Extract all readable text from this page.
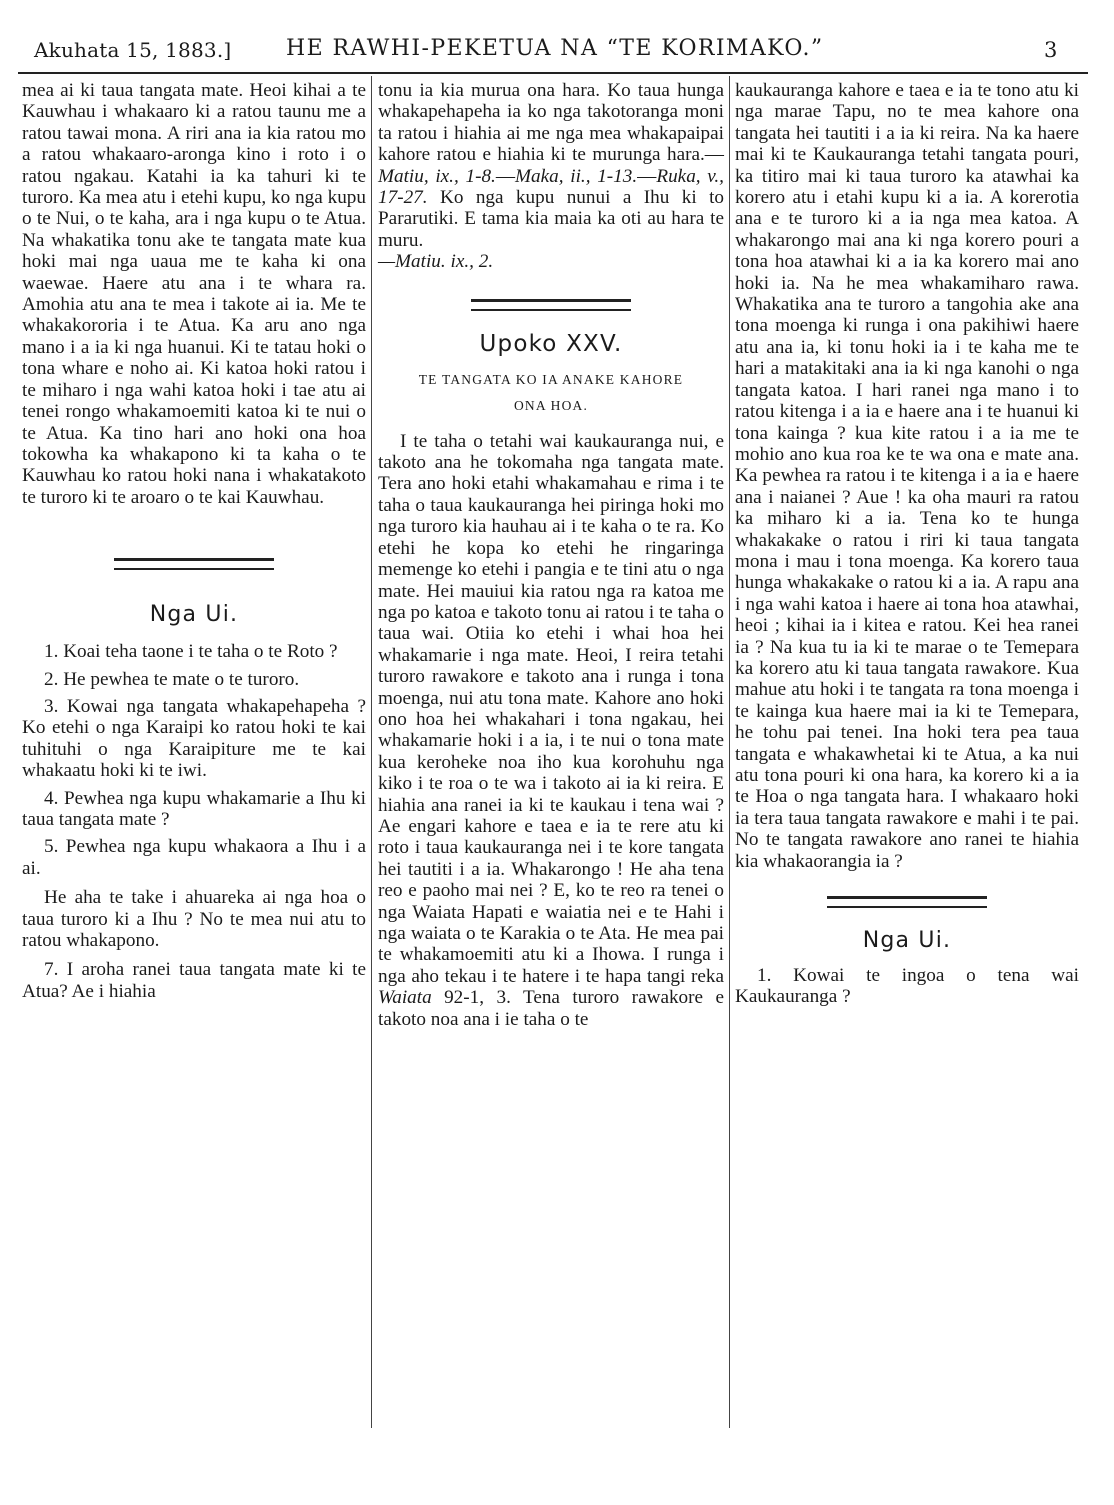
Akuhata 15, 1883.] HE RAWHI-PEKETUA NA “TE KORIMAKO.”	3

mea ai ki taua tangata mate. Heoi kihai a te Kauwhau i whakaaro ki a ratou taunu me a ratou tawai mona. A riri ana ia kia ratou mo a ratou whakaaro-aronga kino i roto i o ratou ngakau. Katahi ia ka tahuri ki te turoro. Ka mea atu i etehi kupu, ko nga kupu o te Nui, o te kaha, ara i nga kupu o te Atua. Na whakatika tonu ake te tangata mate kua hoki mai nga uaua me te kaha ki ona waewae. Haere atu ana i te whara ra. Amohia atu ana te mea i takote ai ia. Me te whakakororia i te Atua. Ka aru ano nga mano i a ia ki nga huanui. Ki te tatau hoki o tona whare e noho ai. Ki katoa hoki ratou i te miharo i nga wahi katoa hoki i tae atu ai tenei rongo whakamoemiti katoa ki te nui o te Atua. Ka tino hari ano hoki ona hoa tokowha ka whakapono ki ta kaha o te Kauwhau ko ratou hoki nana i whakatakoto te turoro ki te aroaro o te kai Kauwhau.

Nga Ui.

1. Koai teha taone i te taha o te Roto ?

2. He pewhea te mate o te turoro.

3. Kowai nga tangata whakapehapeha ? Ko etehi o nga Karaipi ko ratou hoki te kai tuhituhi o nga Karaipiture me te kai whakaatu hoki ki te iwi.

4. Pewhea nga kupu whakamarie a Ihu ki taua tangata mate ?

5. Pewhea nga kupu whakaora a Ihu i a ai.

He aha te take i ahuareka ai nga hoa o taua turoro ki a Ihu ? No te mea nui atu to ratou whakapono.

7. I aroha ranei taua tangata mate ki te Atua? Ae i hiahia

tonu ia kia murua ona hara. Ko taua hunga whakapehapeha ia ko nga takotoranga moni ta ratou i hiahia ai me nga mea whakapaipai kahore ratou e hiahia ki te murunga hara.—Matiu, ix., 1-8.—Maka, ii., 1-13.—Ruka, v., 17-27. Ko nga kupu nunui a Ihu ki to Pararutiki. E tama kia maia ka oti au hara te muru.

—Matiu. ix., 2.

Upoko XXV.
TE TANGATA KO IA ANAKE KAHORE
ONA HOA.

I te taha o tetahi wai kaukauranga nui, e takoto ana he tokomaha nga tangata mate. Tera ano hoki etahi whakamahau e rima i te taha o taua kaukauranga hei piringa hoki mo nga turoro kia hauhau ai i te kaha o te ra. Ko etehi he kopa ko etehi he ringaringa memenge ko etehi i pangia e te tini atu o nga mate. Hei mauiui kia ratou nga ra katoa me nga po katoa e takoto tonu ai ratou i te taha o taua wai. Otiia ko etehi i whai hoa hei whakamarie i nga mate. Heoi, I reira tetahi turoro rawakore e takoto ana i runga i tona moenga, nui atu tona mate. Kahore ano hoki ono hoa hei whakahari i tona ngakau, hei whakamarie hoki i a ia, i te nui o tona mate kua keroheke noa iho kua korohuhu nga kiko i te roa o te wa i takoto ai ia ki reira. E hiahia ana ranei ia ki te kaukau i tena wai ? Ae engari kahore e taea e ia te rere atu ki roto i taua kaukauranga nei i te kore tangata hei tautiti i a ia. Whakarongo ! He aha tena reo e paoho mai nei ? E, ko te reo ra tenei o nga Waiata Hapati e waiatia nei e te Hahi i nga waiata o te Karakia o te Ata. He mea pai te whakamoemiti atu ki a Ihowa. I runga i nga aho tekau i te hatere i te hapa tangi reka Waiata 92-1, 3. Tena turoro rawakore e takoto noa ana i ie taha o te

kaukauranga kahore e taea e ia te tono atu ki nga marae Tapu, no te mea kahore ona tangata hei tautiti i a ia ki reira. Na ka haere mai ki te Kaukauranga tetahi tangata pouri, ka titiro mai ki taua turoro ka atawhai ka korero atu i etahi kupu ki a ia. A korerotia ana e te turoro ki a ia nga mea katoa. A whakarongo mai ana ki nga korero pouri a tona hoa atawhai ki a ia ka korero mai ano hoki ia. Na he mea whakamiharo rawa. Whakatika ana te turoro a tangohia ake ana tona moenga ki runga i ona pakihiwi haere atu ana ia, ki tonu hoki ia i te kaha me te hari a matakitaki ana ia ki nga kanohi o nga tangata katoa. I hari ranei nga mano i to ratou kitenga i a ia e haere ana i te huanui ki tona kainga ? kua kite ratou i a ia me te mohio ano kua roa ke te wa ona e mate ana. Ka pewhea ra ratou i te kitenga i a ia e haere ana i naianei ? Aue ! ka oha mauri ra ratou ka miharo ki a ia. Tena ko te hunga whakakake o ratou i riri ki taua tangata mona i mau i tona moenga. Ka korero taua hunga whakakake o ratou ki a ia. A rapu ana i nga wahi katoa i haere ai tona hoa atawhai, heoi ; kihai ia i kitea e ratou. Kei hea ranei ia ? Na kua tu ia ki te marae o te Temepara ka korero atu ki taua tangata rawakore. Kua mahue atu hoki i te tangata ra tona moenga i te kainga kua haere mai ia ki te Temepara, he tohu pai tenei. Ina hoki tera pea taua tangata e whakawhetai ki te Atua, a ka nui atu tona pouri ki ona hara, ka korero ki a ia te Hoa o nga tangata hara. I whakaaro hoki ia tera taua tangata rawakore e mahi i te pai. No te tangata rawakore ano ranei te hiahia kia whakaorangia ia ?

Nga Ui.

1. Kowai te ingoa o tena wai Kaukauranga ?
